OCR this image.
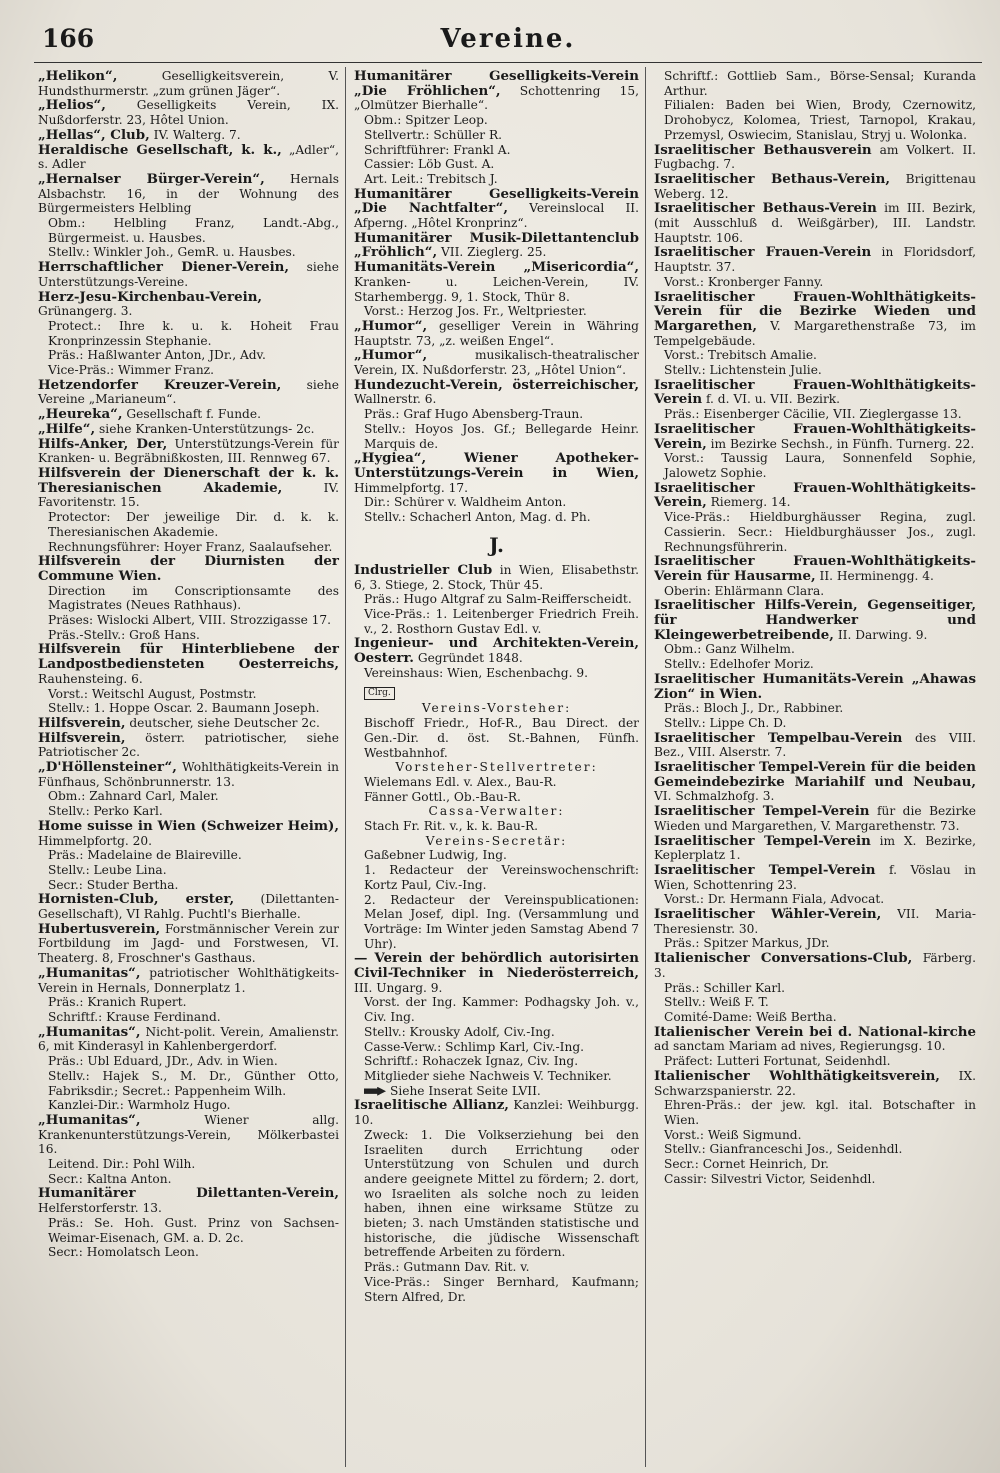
166	Vereine.

„Helikon“, Geselligkeitsverein, V. Hundsthurmerstr. „zum grünen Jäger“.

„Helios“, Geselligkeits Verein, IX. Nußdorferstr. 23, Hôtel Union.

„Hellas“, Club, IV. Walterg. 7.

Heraldische Gesellschaft, k. k., „Adler“, s. Adler

„Hernalser Bürger-Verein“, Hernals Alsbachstr. 16, in der Wohnung des Bürgermeisters Helbling

Obm.: Helbling Franz, Landt.-Abg., Bürgermeist. u. Hausbes.

Stellv.: Winkler Joh., GemR. u. Hausbes.

Herrschaftlicher Diener-Verein, siehe Unterstützungs-Vereine.

Herz-Jesu-Kirchenbau-Verein, Grünangerg. 3.

Protect.: Ihre k. u. k. Hoheit Frau Kronprinzessin Stephanie.

Präs.: Haßlwanter Anton, JDr., Adv.

Vice-Präs.: Wimmer Franz.

Hetzendorfer Kreuzer-Verein, siehe Vereine „Marianeum“.

„Heureka“, Gesellschaft f. Funde.

„Hilfe“, siehe Kranken-Unterstützungs- 2c.

Hilfs-Anker, Der, Unterstützungs-Verein für Kranken- u. Begräbnißkosten, III. Rennweg 67.

Hilfsverein der Dienerschaft der k. k. Theresianischen Akademie, IV. Favoritenstr. 15.

Protector: Der jeweilige Dir. d. k. k. Theresianischen Akademie.

Rechnungsführer: Hoyer Franz, Saalaufseher.

Hilfsverein der Diurnisten der Commune Wien.

Direction im Conscriptionsamte des Magistrates (Neues Rathhaus).

Präses: Wislocki Albert, VIII. Strozzigasse 17.

Präs.-Stellv.: Groß Hans.

Hilfsverein für Hinterbliebene der Landpostbediensteten Oesterreichs, Rauhensteing. 6.

Vorst.: Weitschl August, Postmstr.

Stellv.: 1. Hoppe Oscar. 2. Baumann Joseph.

Hilfsverein, deutscher, siehe Deutscher 2c.

Hilfsverein, österr. patriotischer, siehe Patriotischer 2c.

„D'Höllensteiner“, Wohlthätigkeits-Verein in Fünfhaus, Schönbrunnerstr. 13.

Obm.: Zahnard Carl, Maler.

Stellv.: Perko Karl.

Home suisse in Wien (Schweizer Heim), Himmelpfortg. 20.

Präs.: Madelaine de Blaireville.

Stellv.: Leube Lina.

Secr.: Studer Bertha.

Hornisten-Club, erster, (Dilettanten-Gesellschaft), VI Rahlg. Puchtl's Bierhalle.

Hubertusverein, Forstmännischer Verein zur Fortbildung im Jagd- und Forstwesen, VI. Theaterg. 8, Froschner's Gasthaus.

„Humanitas“, patriotischer Wohlthätigkeits-Verein in Hernals, Donnerplatz 1.

Präs.: Kranich Rupert.

Schriftf.: Krause Ferdinand.

„Humanitas“, Nicht-polit. Verein, Amalienstr. 6, mit Kinderasyl in Kahlenbergerdorf.

Präs.: Ubl Eduard, JDr., Adv. in Wien.

Stellv.: Hajek S., M. Dr., Günther Otto, Fabriksdir.; Secret.: Pappenheim Wilh.

Kanzlei-Dir.: Warmholz Hugo.

„Humanitas“, Wiener allg. Krankenunterstützungs-Verein, Mölkerbastei 16.

Leitend. Dir.: Pohl Wilh.

Secr.: Kaltna Anton.

Humanitärer Dilettanten-Verein, Helferstorferstr. 13.

Präs.: Se. Hoh. Gust. Prinz von Sachsen-Weimar-Eisenach, GM. a. D. 2c.

Secr.: Homolatsch Leon.

Humanitärer Geselligkeits-Verein „Die Fröhlichen“, Schottenring 15, „Olmützer Bierhalle“.

Obm.: Spitzer Leop.

Stellvertr.: Schüller R.

Schriftführer: Frankl A.

Cassier: Löb Gust. A.

Art. Leit.: Trebitsch J.

Humanitärer Geselligkeits-Verein „Die Nachtfalter“, Vereinslocal II. Afperng. „Hôtel Kronprinz“.

Humanitärer Musik-Dilettantenclub „Fröhlich“, VII. Zieglerg. 25.

Humanitäts-Verein „Misericordia“, Kranken- u. Leichen-Verein, IV. Starhembergg. 9, 1. Stock, Thür 8.

Vorst.: Herzog Jos. Fr., Weltpriester.

„Humor“, geselliger Verein in Währing Hauptstr. 73, „z. weißen Engel“.

„Humor“, musikalisch-theatralischer Verein, IX. Nußdorferstr. 23, „Hôtel Union“.

Hundezucht-Verein, österreichischer, Wallnerstr. 6.

Präs.: Graf Hugo Abensberg-Traun.

Stellv.: Hoyos Jos. Gf.; Bellegarde Heinr. Marquis de.

„Hygiea“, Wiener Apotheker-Unterstützungs-Verein in Wien, Himmelpfortg. 17.

Dir.: Schürer v. Waldheim Anton.

Stellv.: Schacherl Anton, Mag. d. Ph.

J.

Industrieller Club in Wien, Elisabethstr. 6, 3. Stiege, 2. Stock, Thür 45.

Präs.: Hugo Altgraf zu Salm-Reifferscheidt.

Vice-Präs.: 1. Leitenberger Friedrich Freih. v., 2. Rosthorn Gustav Edl. v.

Ingenieur- und Architekten-Verein, Oesterr. Gegründet 1848.

Vereinshaus: Wien, Eschenbachg. 9.

Clrg.

Vereins-Vorsteher:

Bischoff Friedr., Hof-R., Bau Direct. der Gen.-Dir. d. öst. St.-Bahnen, Fünfh. Westbahnhof.

Vorsteher-Stellvertreter:

Wielemans Edl. v. Alex., Bau-R.

Fänner Gottl., Ob.-Bau-R.

Cassa-Verwalter:

Stach Fr. Rit. v., k. k. Bau-R.

Vereins-Secretär:

Gaßebner Ludwig, Ing.

1. Redacteur der Vereinswochenschrift: Kortz Paul, Civ.-Ing.

2. Redacteur der Vereinspublicationen: Melan Josef, dipl. Ing. (Versammlung und Vorträge: Im Winter jeden Samstag Abend 7 Uhr).

— Verein der behördlich autorisirten Civil-Techniker in Niederösterreich, III. Ungarg. 9.

Vorst. der Ing. Kammer: Podhagsky Joh. v., Civ. Ing.

Stellv.: Krousky Adolf, Civ.-Ing.

Casse-Verw.: Schlimp Karl, Civ.-Ing.

Schriftf.: Rohaczek Ignaz, Civ. Ing.

Mitglieder siehe Nachweis V. Techniker.

Siehe Inserat Seite LVII.

Israelitische Allianz, Kanzlei: Weihburgg. 10.

Zweck: 1. Die Volkserziehung bei den Israeliten durch Errichtung oder Unterstützung von Schulen und durch andere geeignete Mittel zu fördern; 2. dort, wo Israeliten als solche noch zu leiden haben, ihnen eine wirksame Stütze zu bieten; 3. nach Umständen statistische und historische, die jüdische Wissenschaft betreffende Arbeiten zu fördern.

Präs.: Gutmann Dav. Rit. v.

Vice-Präs.: Singer Bernhard, Kaufmann; Stern Alfred, Dr.

Schriftf.: Gottlieb Sam., Börse-Sensal; Kuranda Arthur.

Filialen: Baden bei Wien, Brody, Czernowitz, Drohobycz, Kolomea, Triest, Tarnopol, Krakau, Przemysl, Oswiecim, Stanislau, Stryj u. Wolonka.

Israelitischer Bethausverein am Volkert. II. Fugbachg. 7.

Israelitischer Bethaus-Verein, Brigittenau Weberg. 12.

Israelitischer Bethaus-Verein im III. Bezirk, (mit Ausschluß d. Weißgärber), III. Landstr. Hauptstr. 106.

Israelitischer Frauen-Verein in Floridsdorf, Hauptstr. 37.

Vorst.: Kronberger Fanny.

Israelitischer Frauen-Wohlthätigkeits-Verein für die Bezirke Wieden und Margarethen, V. Margarethenstraße 73, im Tempelgebäude.

Vorst.: Trebitsch Amalie.

Stellv.: Lichtenstein Julie.

Israelitischer Frauen-Wohlthätigkeits-Verein f. d. VI. u. VII. Bezirk.

Präs.: Eisenberger Cäcilie, VII. Zieglergasse 13.

Israelitischer Frauen-Wohlthätigkeits-Verein, im Bezirke Sechsh., in Fünfh. Turnerg. 22.

Vorst.: Taussig Laura, Sonnenfeld Sophie, Jalowetz Sophie.

Israelitischer Frauen-Wohlthätigkeits-Verein, Riemerg. 14.

Vice-Präs.: Hieldburghäusser Regina, zugl. Cassierin. Secr.: Hieldburghäusser Jos., zugl. Rechnungsführerin.

Israelitischer Frauen-Wohlthätigkeits-Verein für Hausarme, II. Herminengg. 4.

Oberin: Ehlärmann Clara.

Israelitischer Hilfs-Verein, Gegenseitiger, für Handwerker und Kleingewerbetreibende, II. Darwing. 9.

Obm.: Ganz Wilhelm.

Stellv.: Edelhofer Moriz.

Israelitischer Humanitäts-Verein „Ahawas Zion“ in Wien.

Präs.: Bloch J., Dr., Rabbiner.

Stellv.: Lippe Ch. D.

Israelitischer Tempelbau-Verein des VIII. Bez., VIII. Alserstr. 7.

Israelitischer Tempel-Verein für die beiden Gemeindebezirke Mariahilf und Neubau, VI. Schmalzhofg. 3.

Israelitischer Tempel-Verein für die Bezirke Wieden und Margarethen, V. Margarethenstr. 73.

Israelitischer Tempel-Verein im X. Bezirke, Keplerplatz 1.

Israelitischer Tempel-Verein f. Vöslau in Wien, Schottenring 23.

Vorst.: Dr. Hermann Fiala, Advocat.

Israelitischer Wähler-Verein, VII. Maria-Theresienstr. 30.

Präs.: Spitzer Markus, JDr.

Italienischer Conversations-Club, Färberg. 3.

Präs.: Schiller Karl.

Stellv.: Weiß F. T.

Comité-Dame: Weiß Bertha.

Italienischer Verein bei d. National-kirche ad sanctam Mariam ad nives, Regierungsg. 10.

Präfect: Lutteri Fortunat, Seidenhdl.

Italienischer Wohlthätigkeitsverein, IX. Schwarzspanierstr. 22.

Ehren-Präs.: der jew. kgl. ital. Botschafter in Wien.

Vorst.: Weiß Sigmund.

Stellv.: Gianfranceschi Jos., Seidenhdl.

Secr.: Cornet Heinrich, Dr.

Cassir: Silvestri Victor, Seidenhdl.
